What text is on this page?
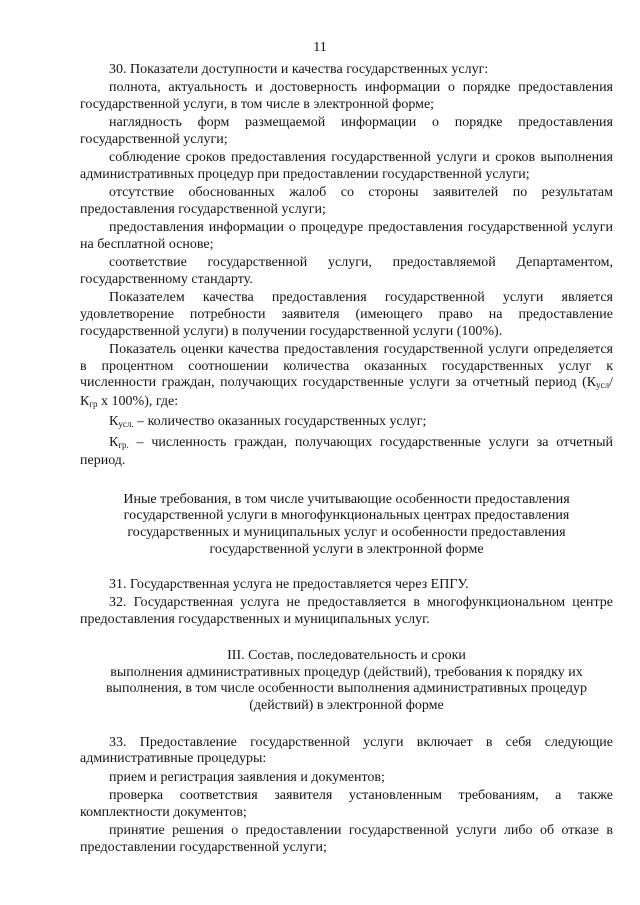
11

30. Показатели доступности и качества государственных услуг:

полнота, актуальность и достоверность информации о порядке предоставления государственной услуги, в том числе в электронной форме;

наглядность форм размещаемой информации о порядке предоставления государственной услуги;

соблюдение сроков предоставления государственной услуги и сроков выполнения административных процедур при предоставлении государственной услуги;

отсутствие обоснованных жалоб со стороны заявителей по результатам предоставления государственной услуги;

предоставления информации о процедуре предоставления государственной услуги на бесплатной основе;

соответствие государственной услуги, предоставляемой Департаментом, государственному стандарту.

Показателем качества предоставления государственной услуги является удовлетворение потребности заявителя (имеющего право на предоставление государственной услуги) в получении государственной услуги (100%).

Показатель оценки качества предоставления государственной услуги определяется в процентном соотношении количества оказанных государственных услуг к численности граждан, получающих государственные услуги за отчетный период ($К_{усл}/К_{гр}$ x 100%), где:

$К_{усл.}$ – количество оказанных государственных услуг;

$К_{гр.}$ – численность граждан, получающих государственные услуги за отчетный период.

Иные требования, в том числе учитывающие особенности предоставления
государственной услуги в многофункциональных центрах предоставления
государственных и муниципальных услуг и особенности предоставления
государственной услуги в электронной форме

31. Государственная услуга не предоставляется через ЕПГУ.

32. Государственная услуга не предоставляется в многофункциональном центре предоставления государственных и муниципальных услуг.

III. Состав, последовательность и сроки
выполнения административных процедур (действий), требования к порядку их
выполнения, в том числе особенности выполнения административных процедур
(действий) в электронной форме

33. Предоставление государственной услуги включает в себя следующие административные процедуры:

прием и регистрация заявления и документов;

проверка соответствия заявителя установленным требованиям, а также комплектности документов;

принятие решения о предоставлении государственной услуги либо об отказе в предоставлении государственной услуги;
